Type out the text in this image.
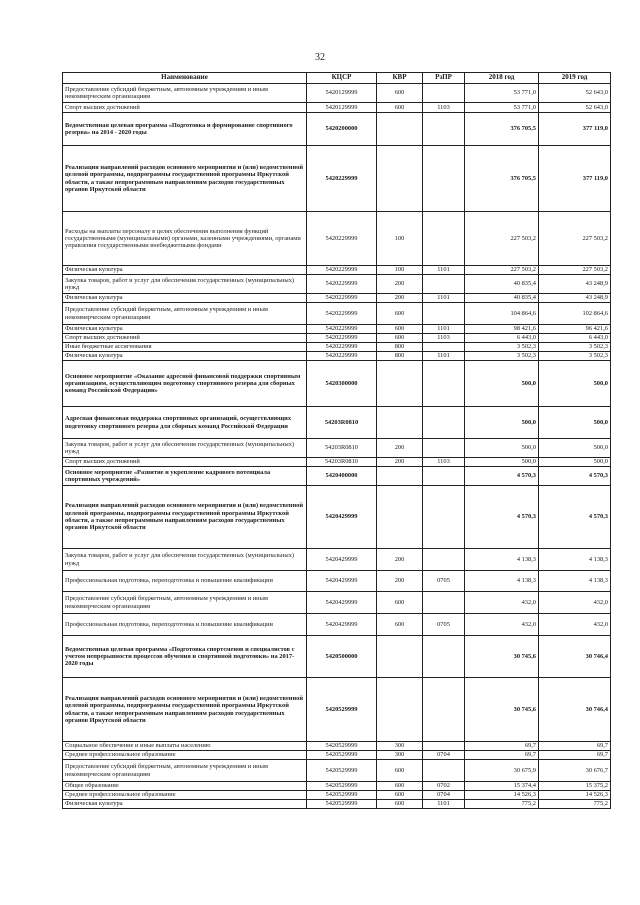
32
Наименование	КЦСР	КВР	РзПР	2018 год	2019 год
Предоставление субсидий бюджетным, автономным учреждениям и иным некоммерческим организациям	5420129999	600		53 771,0	52 643,0
Спорт высших достижений	5420129999	600	1103	53 771,0	52 643,0
Ведомственная целевая программа «Подготовка и формирование спортивного резерва» на 2014 - 2020 годы	5420200000			376 705,5	377 119,0
Реализация направлений расходов основного мероприятия и (или) ведомственной целевой программы, подпрограммы государственной программы Иркутской области, а также непрограммным направлениям расходов государственных органов Иркутской области	5420229999			376 705,5	377 119,0
Расходы на выплаты персоналу в целях обеспечения выполнения функций государственными (муниципальными) органами, казенными учреждениями, органами управления государственными внебюджетными фондами	5420229999	100		227 503,2	227 503,2
Физическая культура	5420229999	100	1101	227 503,2	227 503,2
Закупка товаров, работ и услуг для обеспечения государственных (муниципальных) нужд	5420229999	200		40 835,4	43 248,9
Физическая культура	5420229999	200	1101	40 835,4	43 248,9
Предоставление субсидий бюджетным, автономным учреждениям и иным некоммерческим организациям	5420229999	600		104 864,6	102 864,6
Физическая культура	5420229999	600	1101	98 421,6	96 421,6
Спорт высших достижений	5420229999	600	1103	6 443,0	6 443,0
Иные бюджетные ассигнования	5420229999	800		3 502,3	3 502,3
Физическая культура	5420229999	800	1101	3 502,3	3 502,3
Основное мероприятие «Оказание адресной финансовой поддержки спортивным организациям, осуществляющим подготовку спортивного резерва для сборных команд Российской Федерации»	5420300000			500,0	500,0
Адресная финансовая поддержка спортивных организаций, осуществляющих подготовку спортивного резерва для сборных команд Российской Федерации	54203R0810			500,0	500,0
Закупка товаров, работ и услуг для обеспечения государственных (муниципальных) нужд	54203R0810	200		500,0	500,0
Спорт высших достижений	54203R0810	200	1103	500,0	500,0
Основное мероприятие «Развитие и укрепление кадрового потенциала спортивных учреждений»	5420400000			4 570,3	4 570,3
Реализация направлений расходов основного мероприятия и (или) ведомственной целевой программы, подпрограммы государственной программы Иркутской области, а также непрограммным направлениям расходов государственных органов Иркутской области	5420429999			4 570,3	4 570,3
Закупка товаров, работ и услуг для обеспечения государственных (муниципальных) нужд	5420429999	200		4 138,3	4 138,3
Профессиональная подготовка, переподготовка и повышение квалификации	5420429999	200	0705	4 138,3	4 138,3
Предоставление субсидий бюджетным, автономным учреждениям и иным некоммерческим организациям	5420429999	600		432,0	432,0
Профессиональная подготовка, переподготовка и повышение квалификации	5420429999	600	0705	432,0	432,0
Ведомственная целевая программа «Подготовка спортсменов и специалистов с учетом непрерывности процессов обучения и спортивной подготовки» на 2017-2020 годы	5420500000			30 745,6	30 746,4
Реализация направлений расходов основного мероприятия и (или) ведомственной целевой программы, подпрограммы государственной программы Иркутской области, а также непрограммным направлениям расходов государственных органов Иркутской области	5420529999			30 745,6	30 746,4
Социальное обеспечение и иные выплаты населению	5420529999	300		69,7	69,7
Среднее профессиональное образование	5420529999	300	0704	69,7	69,7
Предоставление субсидий бюджетным, автономным учреждениям и иным некоммерческим организациям	5420529999	600		30 675,9	30 676,7
Общее образование	5420529999	600	0702	15 374,4	15 375,2
Среднее профессиональное образование	5420529999	600	0704	14 526,3	14 526,3
Физическая культура	5420529999	600	1101	775,2	775,2
